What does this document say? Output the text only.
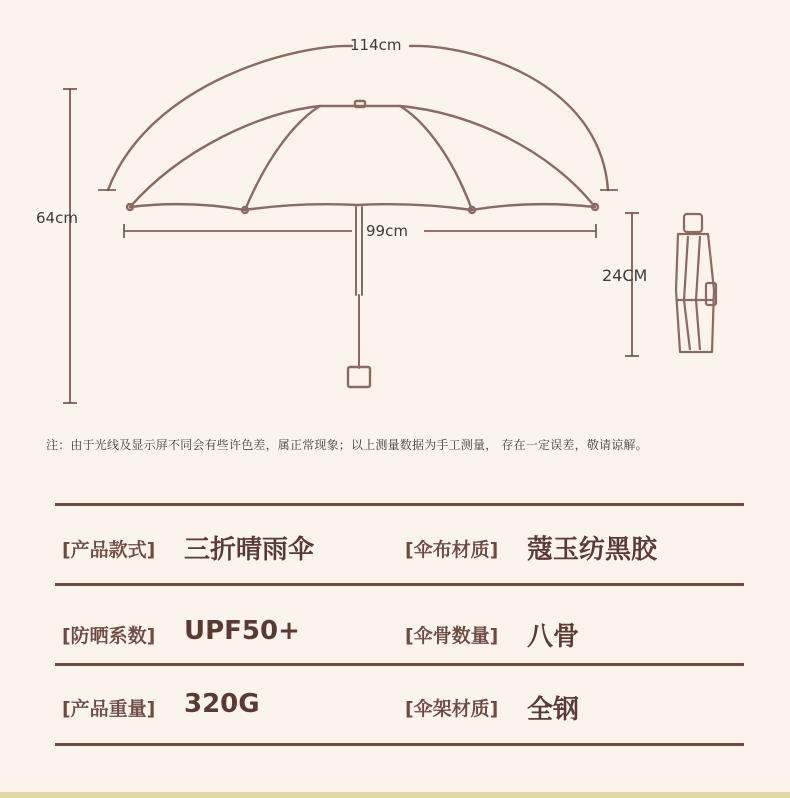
114cm
64cm
99cm
24CM
注：由于光线及显示屏不同会有些许色差，属正常现象；以上测量数据为手工测量， 存在一定误差，敬请谅解。
[产品款式] 三折晴雨伞	[伞布材质] 蔻玉纺黑胶
[防晒系数] UPF50+	[伞骨数量] 八骨
[产品重量] 320G	[伞架材质] 全钢
